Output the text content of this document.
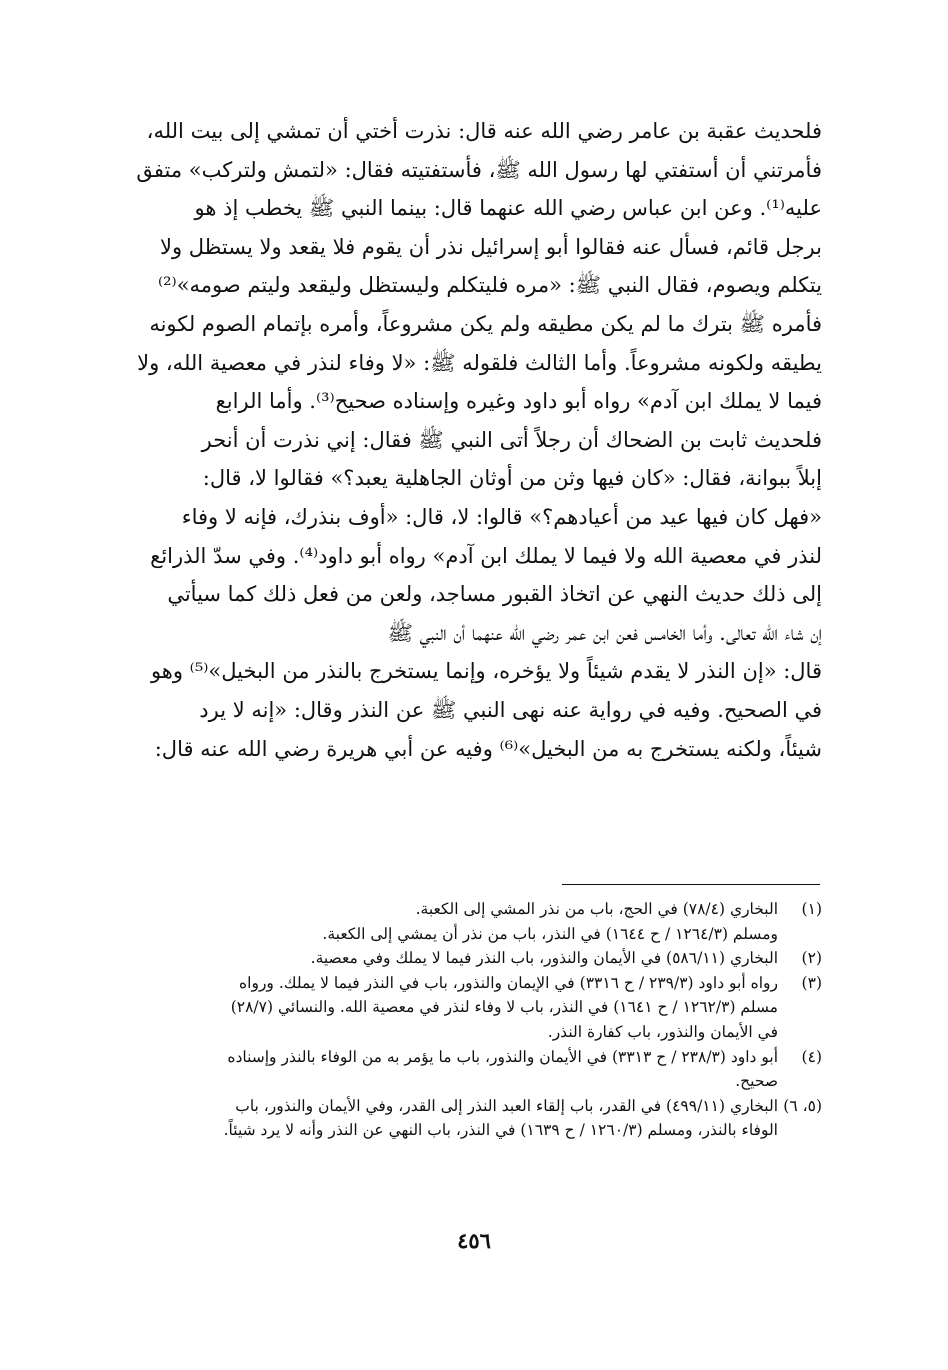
فلحديث عقبة بن عامر رضي الله عنه قال: نذرت أختي أن تمشي إلى بيت الله،

فأمرتني أن أستفتي لها رسول الله ﷺ، فأستفتيته فقال: «لتمش ولتركب» متفق

عليه⁽¹⁾. وعن ابن عباس رضي الله عنهما قال: بينما النبي ﷺ يخطب إذ هو

برجل قائم، فسأل عنه فقالوا أبو إسرائيل نذر أن يقوم فلا يقعد ولا يستظل ولا

يتكلم ويصوم، فقال النبي ﷺ: «مره فليتكلم وليستظل وليقعد وليتم صومه»⁽²⁾

فأمره ﷺ بترك ما لم يكن مطيقه ولم يكن مشروعاً، وأمره بإتمام الصوم لكونه

يطيقه ولكونه مشروعاً. وأما الثالث فلقوله ﷺ: «لا وفاء لنذر في معصية الله، ولا

فيما لا يملك ابن آدم» رواه أبو داود وغيره وإسناده صحيح⁽³⁾. وأما الرابع

فلحديث ثابت بن الضحاك أن رجلاً أتى النبي ﷺ فقال: إني نذرت أن أنحر

إبلاً ببوانة، فقال: «كان فيها وثن من أوثان الجاهلية يعبد؟» فقالوا لا، قال:

«فهل كان فيها عيد من أعيادهم؟» قالوا: لا، قال: «أوف بنذرك، فإنه لا وفاء

لنذر في معصية الله ولا فيما لا يملك ابن آدم» رواه أبو داود⁽⁴⁾. وفي سدّ الذرائع

إلى ذلك حديث النهي عن اتخاذ القبور مساجد، ولعن من فعل ذلك كما سيأتي

إن شاء الله تعالى. وأما الخامس فعن ابن عمر رضي الله عنهما أن النبي ﷺ

قال: «إن النذر لا يقدم شيئاً ولا يؤخره، وإنما يستخرج بالنذر من البخيل»⁽⁵⁾ وهو

في الصحيح. وفيه في رواية عنه نهى النبي ﷺ عن النذر وقال: «إنه لا يرد

شيئاً، ولكنه يستخرج به من البخيل»⁽⁶⁾ وفيه عن أبي هريرة رضي الله عنه قال:

(١)
البخاري (٧٨/٤) في الحج، باب من نذر المشي إلى الكعبة.
ومسلم (١٢٦٤/٣ / ح ١٦٤٤) في النذر، باب من نذر أن يمشي إلى الكعبة.
(٢)
البخاري (٥٨٦/١١) في الأيمان والنذور، باب النذر فيما لا يملك وفي معصية.
(٣)
رواه أبو داود (٢٣٩/٣ / ح ٣٣١٦) في الإيمان والنذور، باب في النذر فيما لا يملك. ورواه
مسلم (١٢٦٢/٣ / ح ١٦٤١) في النذر، باب لا وفاء لنذر في معصية الله. والنسائي (٢٨/٧)
في الأيمان والنذور، باب كفارة النذر.
(٤)
أبو داود (٢٣٨/٣ / ح ٣٣١٣) في الأيمان والنذور، باب ما يؤمر به من الوفاء بالنذر وإسناده
صحيح.
(٥، ٦)
البخاري (٤٩٩/١١) في القدر، باب إلقاء العبد النذر إلى القدر، وفي الأيمان والنذور، باب
الوفاء بالنذر، ومسلم (١٢٦٠/٣ / ح ١٦٣٩) في النذر، باب النهي عن النذر وأنه لا يرد شيئاً.
٤٥٦
